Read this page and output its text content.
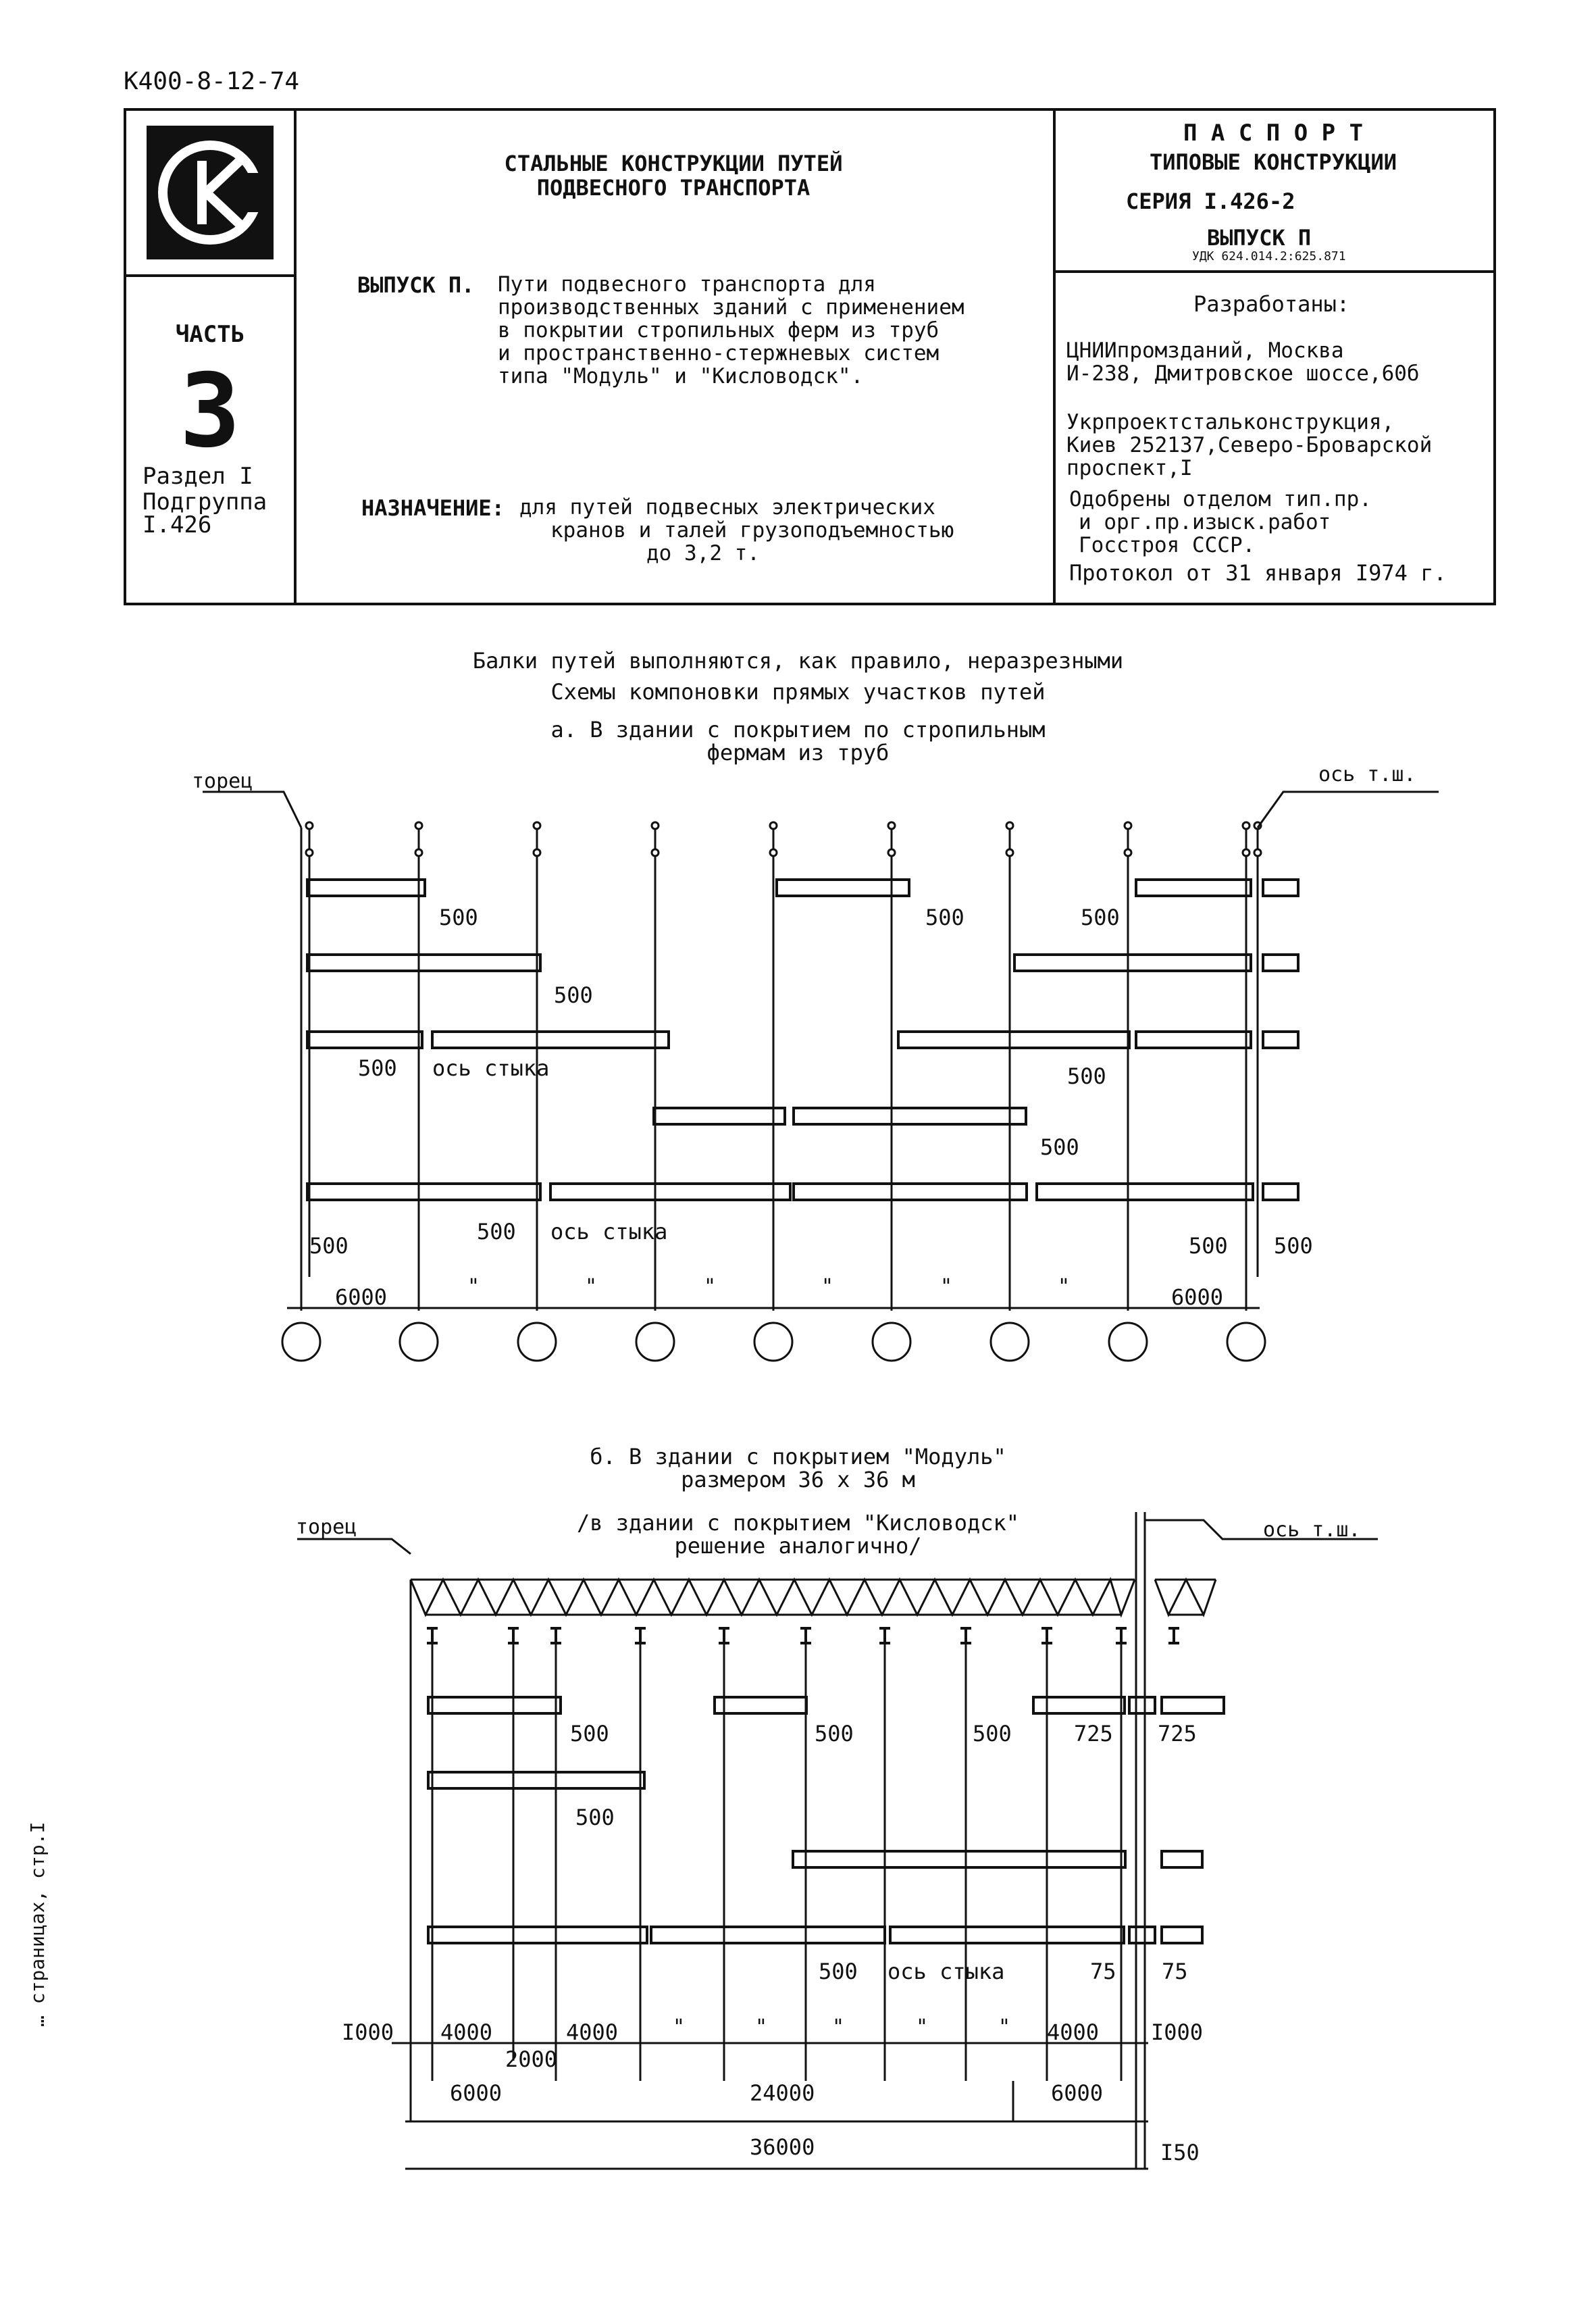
К400-8-12-74
ЧАСТЬ
3
Раздел I
Подгруппа
I.426
СТАЛЬНЫЕ КОНСТРУКЦИИ ПУТЕЙ
ПОДВЕСНОГО ТРАНСПОРТА
ВЫПУСК П. Пути подвесного транспорта для
производственных зданий с применением
в покрытии стропильных ферм из труб
и пространственно-стержневых систем
типа "Модуль" и "Кисловодск".
НАЗНАЧЕНИЕ: для путей подвесных электрических
кранов и талей грузоподъемностью
до 3,2 т.
П А С П О Р Т
ТИПОВЫЕ КОНСТРУКЦИИ
СЕРИЯ I.426-2
ВЫПУСК П
УДК 624.014.2:625.871
Разработаны:
ЦНИИпромзданий, Москва
И-238, Дмитровское шоссе,60б
Укрпроектстальконструкция,
Киев 252137,Северо-Броварской
проспект,I
Одобрены отделом тип.пр.
и орг.пр.изыск.работ
Госстроя СССР.
Протокол от 31 января I974 г.
Балки путей выполняются, как правило, неразрезными
Схемы компоновки прямых участков путей
а. В здании с покрытием по стропильным
фермам из труб
торец	ось т.ш.
500	500	500
500
500 ось стыка	500
500
500 ось стыка
500	500 500
6000	"	"	"	"	"	"	6000
б. В здании с покрытием "Модуль"
размером 36 х 36 м
/в здании с покрытием "Кисловодск"
решение аналогично/
торец	ось т.ш.
500	500	500	725 725
500
500 ось стыка	75 75
I000 4000	4000	"	"	"	"	" 4000 I000
2000
6000	24000	6000
36000	I50
… страницах, стр.I
